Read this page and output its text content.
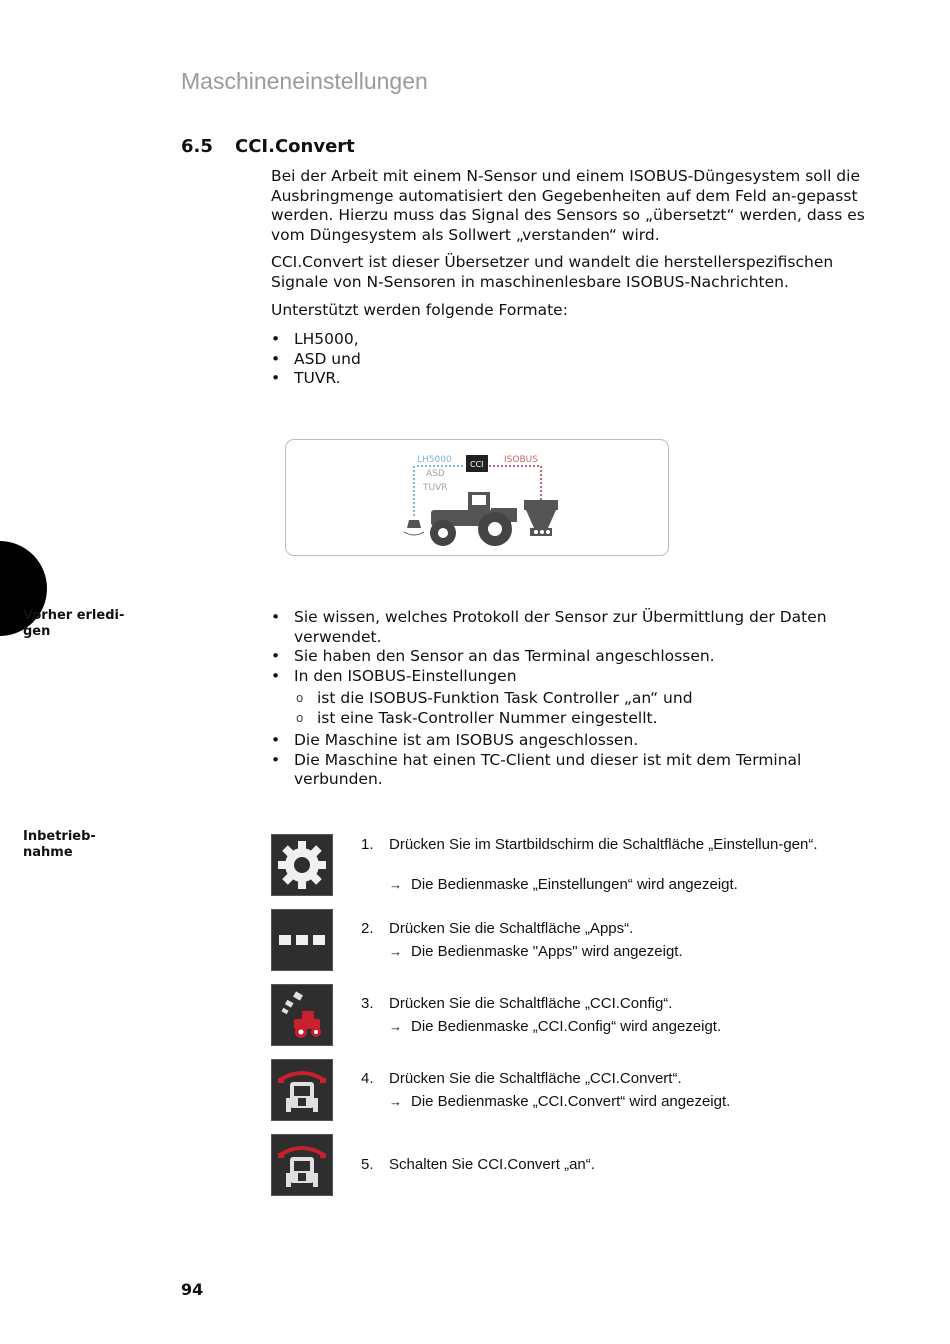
Maschineneinstellungen
6.5 CCI.Convert

Bei der Arbeit mit einem N-Sensor und einem ISOBUS-Düngesystem soll die Ausbringmenge automatisiert den Gegebenheiten auf dem Feld an-gepasst werden. Hierzu muss das Signal des Sensors so „übersetzt“ werden, dass es vom Düngesystem als Sollwert „verstanden“ wird.

CCI.Convert ist dieser Übersetzer und wandelt die herstellerspezifischen Signale von N-Sensoren in maschinenlesbare ISOBUS-Nachrichten.

Unterstützt werden folgende Formate:

• LH5000,
• ASD und
• TUVR.
LH5000
ASD
TUVR
CCI ISOBUS
Vorher erledi-
gen
• Sie wissen, welches Protokoll der Sensor zur Übermittlung der Daten verwendet.
• Sie haben den Sensor an das Terminal angeschlossen.
• In den ISOBUS-Einstellungen
o ist die ISOBUS-Funktion Task Controller „an“ und
o ist eine Task-Controller Nummer eingestellt.
• Die Maschine ist am ISOBUS angeschlossen.
• Die Maschine hat einen TC-Client und dieser ist mit dem Terminal verbunden.
Inbetrieb-
nahme	1. Drücken Sie im Startbildschirm die Schaltfläche „Einstellun-gen“.
→ Die Bedienmaske „Einstellungen“ wird angezeigt.
2. Drücken Sie die Schaltfläche „Apps“.
→ Die Bedienmaske "Apps" wird angezeigt.
3. Drücken Sie die Schaltfläche „CCI.Config“.
→ Die Bedienmaske „CCI.Config“ wird angezeigt.
4. Drücken Sie die Schaltfläche „CCI.Convert“.
→ Die Bedienmaske „CCI.Convert“ wird angezeigt.
5. Schalten Sie CCI.Convert „an“.
94
